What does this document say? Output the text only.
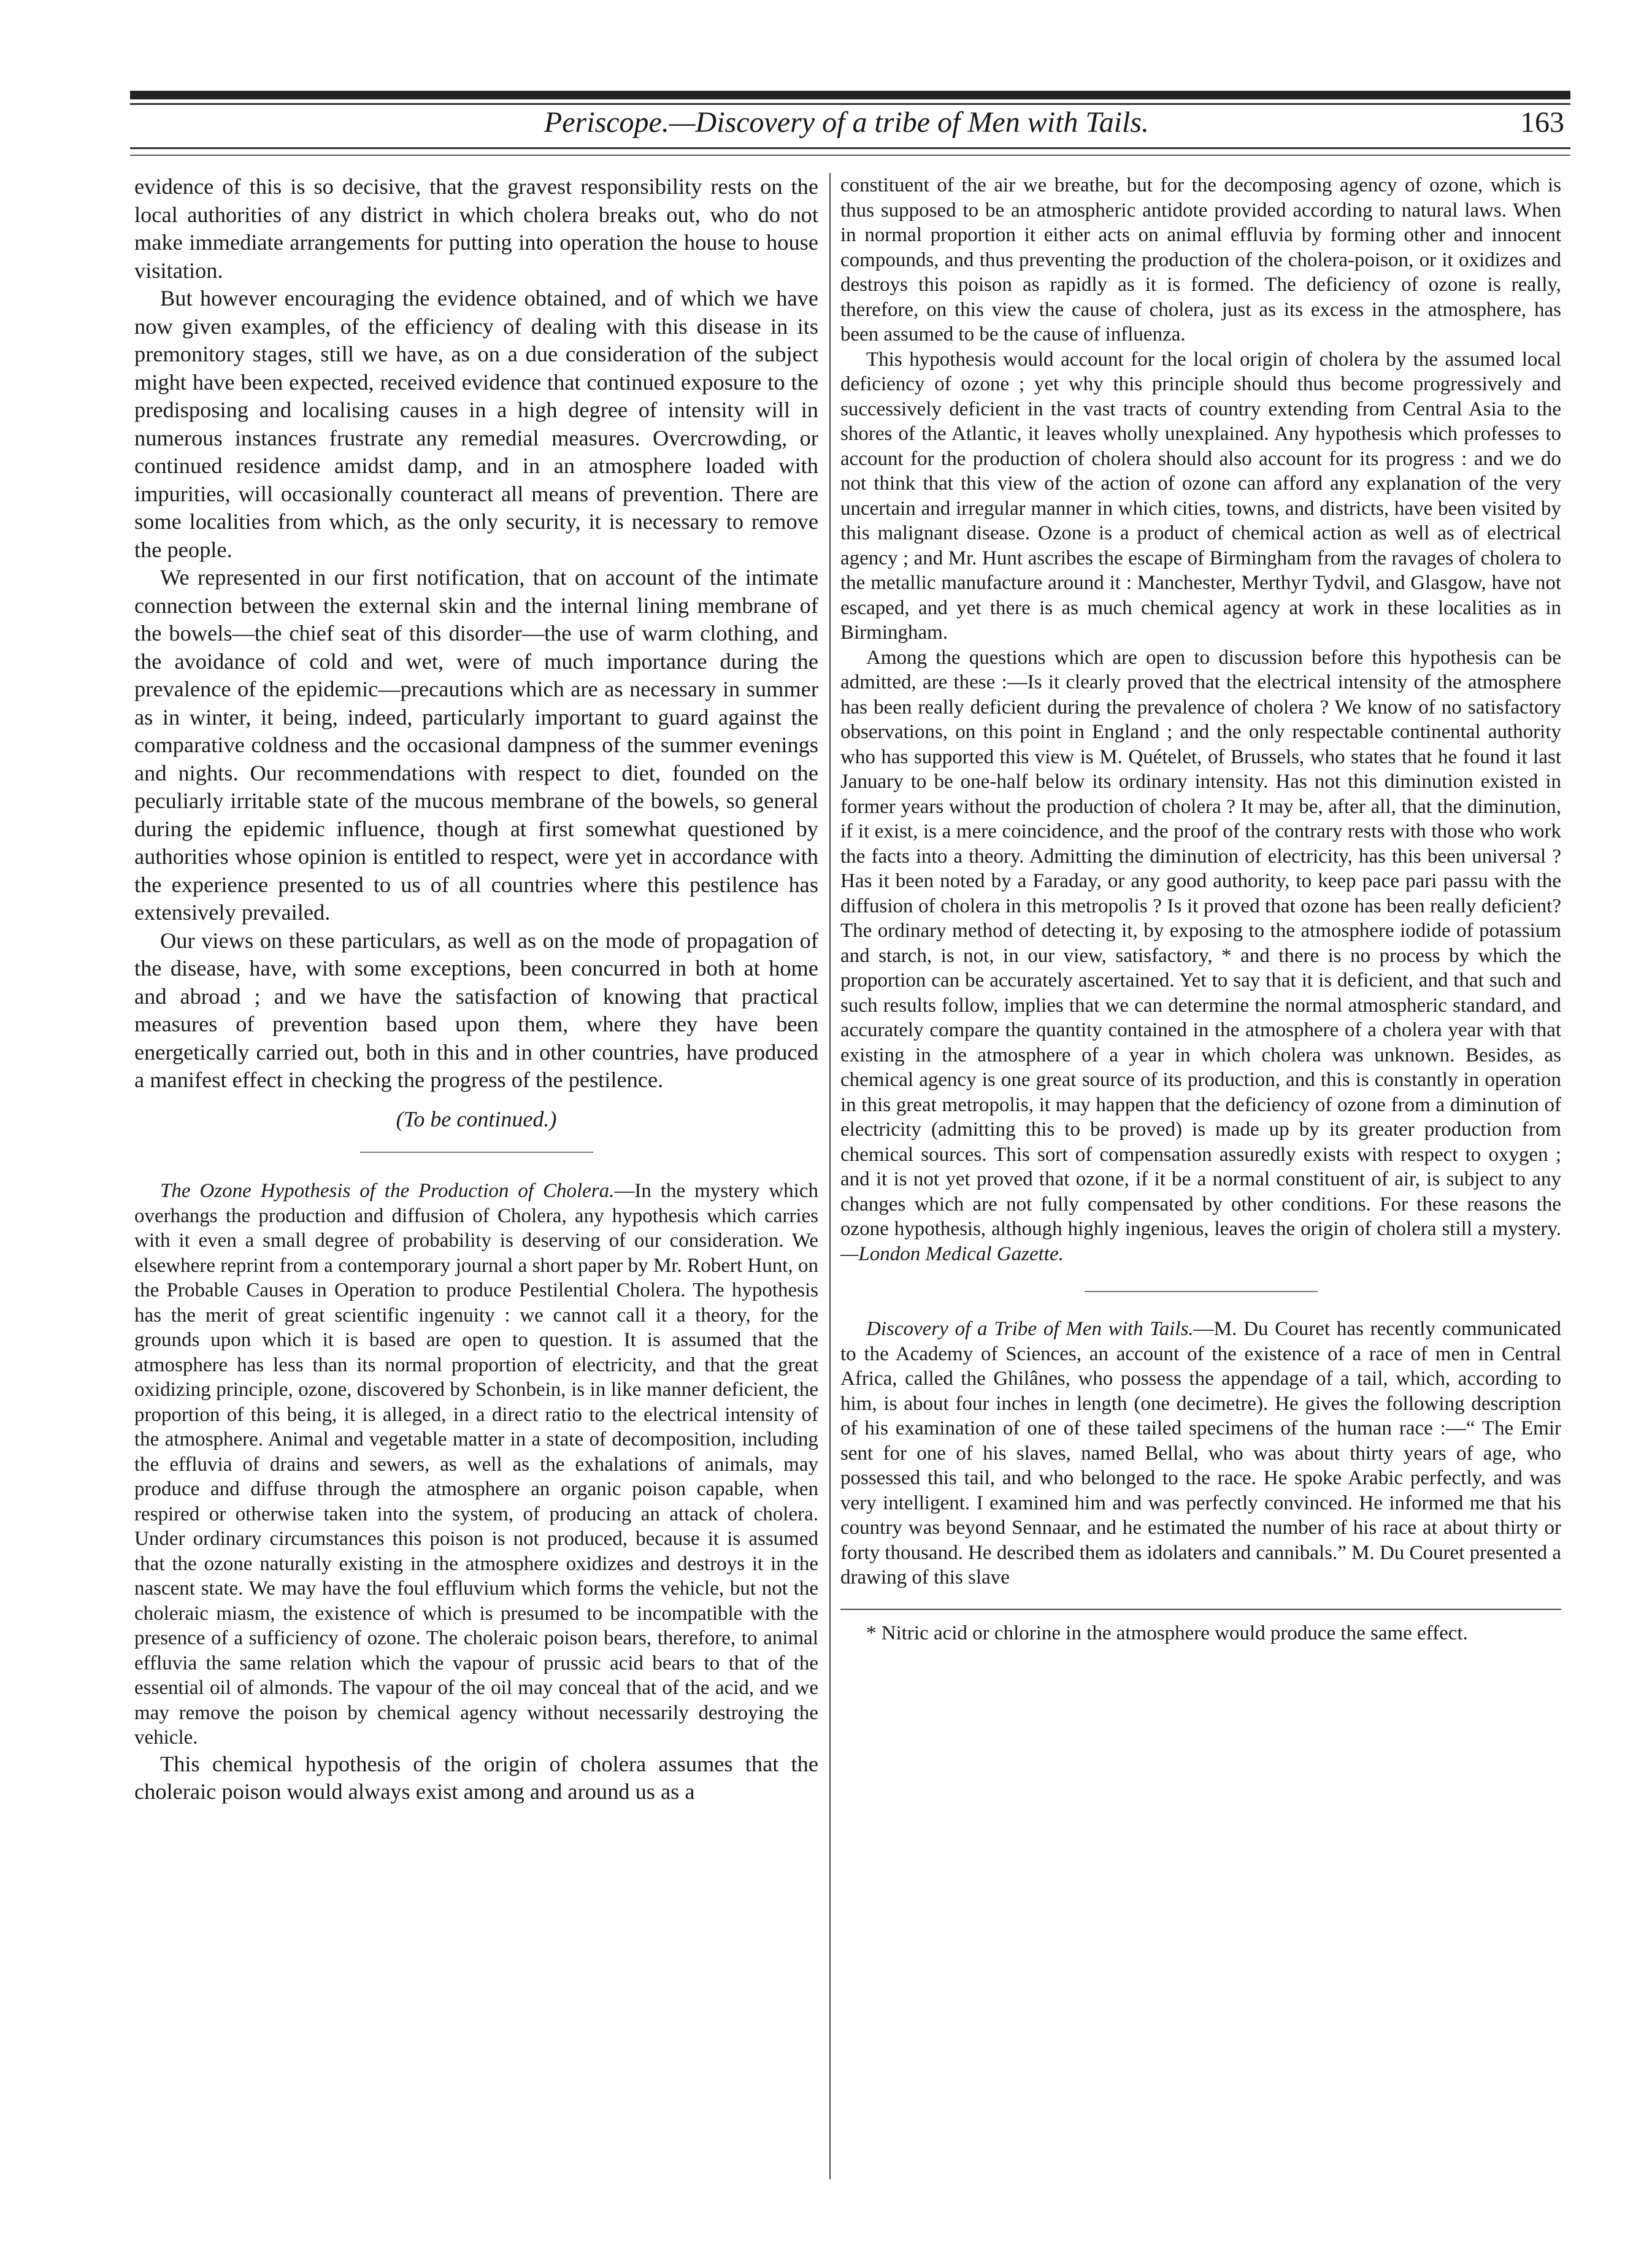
Periscope.—Discovery of a tribe of Men with Tails.	163

evidence of this is so decisive, that the gravest responsibility rests on the local authorities of any district in which cholera breaks out, who do not make immediate arrangements for putting into operation the house to house visitation.

But however encouraging the evidence obtained, and of which we have now given examples, of the efficiency of dealing with this disease in its premonitory stages, still we have, as on a due consideration of the subject might have been expected, received evidence that continued exposure to the predisposing and localising causes in a high degree of intensity will in numerous instances frustrate any remedial measures. Overcrowding, or continued residence amidst damp, and in an atmosphere loaded with impurities, will occasionally counteract all means of prevention. There are some localities from which, as the only security, it is necessary to remove the people.

We represented in our first notification, that on account of the intimate connection between the external skin and the internal lining membrane of the bowels—the chief seat of this disorder—the use of warm clothing, and the avoidance of cold and wet, were of much importance during the prevalence of the epidemic—precautions which are as necessary in summer as in winter, it being, indeed, particularly important to guard against the comparative coldness and the occasional dampness of the summer evenings and nights. Our recommendations with respect to diet, founded on the peculiarly irritable state of the mucous membrane of the bowels, so general during the epidemic influence, though at first somewhat questioned by authorities whose opinion is entitled to respect, were yet in accordance with the experience presented to us of all countries where this pestilence has extensively prevailed.

Our views on these particulars, as well as on the mode of propagation of the disease, have, with some exceptions, been concurred in both at home and abroad ; and we have the satisfaction of knowing that practical measures of prevention based upon them, where they have been energetically carried out, both in this and in other countries, have produced a manifest effect in checking the progress of the pestilence.

(To be continued.)

The Ozone Hypothesis of the Production of Cholera.—In the mystery which overhangs the production and diffusion of Cholera, any hypothesis which carries with it even a small degree of probability is deserving of our consideration. We elsewhere reprint from a contemporary journal a short paper by Mr. Robert Hunt, on the Probable Causes in Operation to produce Pestilential Cholera. The hypothesis has the merit of great scientific ingenuity : we cannot call it a theory, for the grounds upon which it is based are open to question. It is assumed that the atmosphere has less than its normal proportion of electricity, and that the great oxidizing principle, ozone, discovered by Schonbein, is in like manner deficient, the proportion of this being, it is alleged, in a direct ratio to the electrical intensity of the atmosphere. Animal and vegetable matter in a state of decomposition, including the effluvia of drains and sewers, as well as the exhalations of animals, may produce and diffuse through the atmosphere an organic poison capable, when respired or otherwise taken into the system, of producing an attack of cholera. Under ordinary circumstances this poison is not produced, because it is assumed that the ozone naturally existing in the atmosphere oxidizes and destroys it in the nascent state. We may have the foul effluvium which forms the vehicle, but not the choleraic miasm, the existence of which is presumed to be incompatible with the presence of a sufficiency of ozone. The choleraic poison bears, therefore, to animal effluvia the same relation which the vapour of prussic acid bears to that of the essential oil of almonds. The vapour of the oil may conceal that of the acid, and we may remove the poison by chemical agency without necessarily destroying the vehicle.

This chemical hypothesis of the origin of cholera assumes that the choleraic poison would always exist among and around us as a

constituent of the air we breathe, but for the decomposing agency of ozone, which is thus supposed to be an atmospheric antidote provided according to natural laws. When in normal proportion it either acts on animal effluvia by forming other and innocent compounds, and thus preventing the production of the cholera-poison, or it oxidizes and destroys this poison as rapidly as it is formed. The deficiency of ozone is really, therefore, on this view the cause of cholera, just as its excess in the atmosphere, has been assumed to be the cause of influenza.

This hypothesis would account for the local origin of cholera by the assumed local deficiency of ozone ; yet why this principle should thus become progressively and successively deficient in the vast tracts of country extending from Central Asia to the shores of the Atlantic, it leaves wholly unexplained. Any hypothesis which professes to account for the production of cholera should also account for its progress : and we do not think that this view of the action of ozone can afford any explanation of the very uncertain and irregular manner in which cities, towns, and districts, have been visited by this malignant disease. Ozone is a product of chemical action as well as of electrical agency ; and Mr. Hunt ascribes the escape of Birmingham from the ravages of cholera to the metallic manufacture around it : Manchester, Merthyr Tydvil, and Glasgow, have not escaped, and yet there is as much chemical agency at work in these localities as in Birmingham.

Among the questions which are open to discussion before this hypothesis can be admitted, are these :—Is it clearly proved that the electrical intensity of the atmosphere has been really deficient during the prevalence of cholera ? We know of no satisfactory observations, on this point in England ; and the only respectable continental authority who has supported this view is M. Quételet, of Brussels, who states that he found it last January to be one-half below its ordinary intensity. Has not this diminution existed in former years without the production of cholera ? It may be, after all, that the diminution, if it exist, is a mere coincidence, and the proof of the contrary rests with those who work the facts into a theory. Admitting the diminution of electricity, has this been universal ? Has it been noted by a Faraday, or any good authority, to keep pace pari passu with the diffusion of cholera in this metropolis ? Is it proved that ozone has been really deficient? The ordinary method of detecting it, by exposing to the atmosphere iodide of potassium and starch, is not, in our view, satisfactory, * and there is no process by which the proportion can be accurately ascertained. Yet to say that it is deficient, and that such and such results follow, implies that we can determine the normal atmospheric standard, and accurately compare the quantity contained in the atmosphere of a cholera year with that existing in the atmosphere of a year in which cholera was unknown. Besides, as chemical agency is one great source of its production, and this is constantly in operation in this great metropolis, it may happen that the deficiency of ozone from a diminution of electricity (admitting this to be proved) is made up by its greater production from chemical sources. This sort of compensation assuredly exists with respect to oxygen ; and it is not yet proved that ozone, if it be a normal constituent of air, is subject to any changes which are not fully compensated by other conditions. For these reasons the ozone hypothesis, although highly ingenious, leaves the origin of cholera still a mystery.—London Medical Gazette.

Discovery of a Tribe of Men with Tails.—M. Du Couret has recently communicated to the Academy of Sciences, an account of the existence of a race of men in Central Africa, called the Ghilânes, who possess the appendage of a tail, which, according to him, is about four inches in length (one decimetre). He gives the following description of his examination of one of these tailed specimens of the human race :—“ The Emir sent for one of his slaves, named Bellal, who was about thirty years of age, who possessed this tail, and who belonged to the race. He spoke Arabic perfectly, and was very intelligent. I examined him and was perfectly convinced. He informed me that his country was beyond Sennaar, and he estimated the number of his race at about thirty or forty thousand. He described them as idolaters and cannibals.” M. Du Couret presented a drawing of this slave

* Nitric acid or chlorine in the atmosphere would produce the same effect.
